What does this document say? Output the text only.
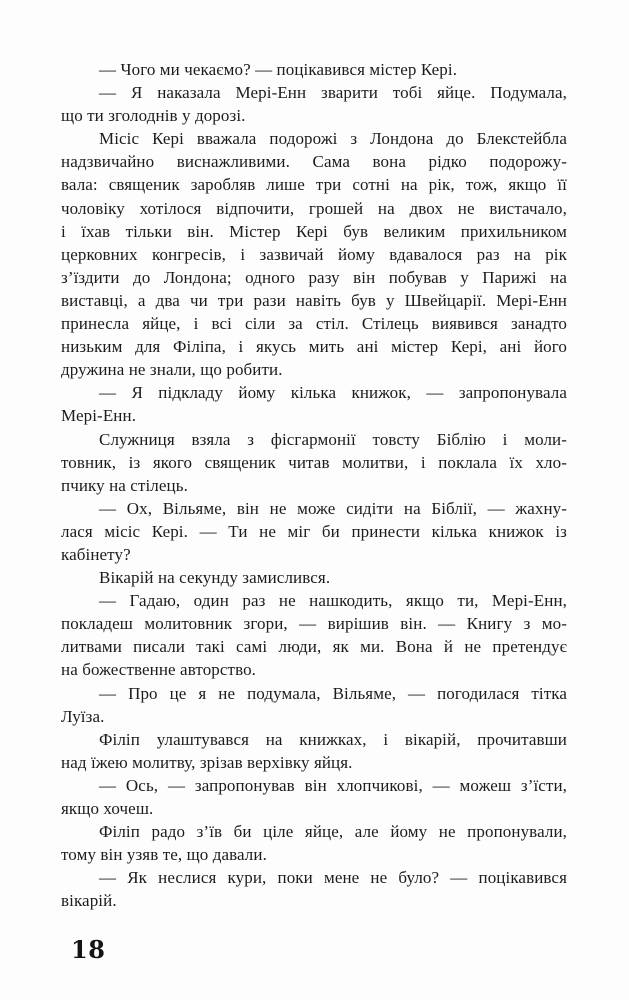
— Чого ми чекаємо? — поцікавився містер Кері.

— Я наказала Мері-Енн зварити тобі яйце. Подумала,
що ти зголоднів у дорозі.

Місіс Кері вважала подорожі з Лондона до Блекстейбла
надзвичайно виснажливими. Сама вона рідко подорожу-
вала: священик заробляв лише три сотні на рік, тож, якщо її
чоловіку хотілося відпочити, грошей на двох не вистачало,
і їхав тільки він. Містер Кері був великим прихильником
церковних конгресів, і зазвичай йому вдавалося раз на рік
з’їздити до Лондона; одного разу він побував у Парижі на
виставці, а два чи три рази навіть був у Швейцарії. Мері-Енн
принесла яйце, і всі сіли за стіл. Стілець виявився занадто
низьким для Філіпа, і якусь мить ані містер Кері, ані його
дружина не знали, що робити.

— Я підкладу йому кілька книжок, — запропонувала
Мері-Енн.

Служниця взяла з фісгармонії товсту Біблію і моли-
товник, із якого священик читав молитви, і поклала їх хло-
пчику на стілець.

— Ох, Вільяме, він не може сидіти на Біблії, — жахну-
лася місіс Кері. — Ти не міг би принести кілька книжок із
кабінету?

Вікарій на секунду замислився.

— Гадаю, один раз не нашкодить, якщо ти, Мері-Енн,
покладеш молитовник згори, — вирішив він. — Книгу з мо-
литвами писали такі самі люди, як ми. Вона й не претендує
на божественне авторство.

— Про це я не подумала, Вільяме, — погодилася тітка
Луїза.

Філіп улаштувався на книжках, і вікарій, прочитавши
над їжею молитву, зрізав верхівку яйця.

— Ось, — запропонував він хлопчикові, — можеш з’їсти,
якщо хочеш.

Філіп радо з’їв би ціле яйце, але йому не пропонували,
тому він узяв те, що давали.

— Як неслися кури, поки мене не було? — поцікавився
вікарій.

18
